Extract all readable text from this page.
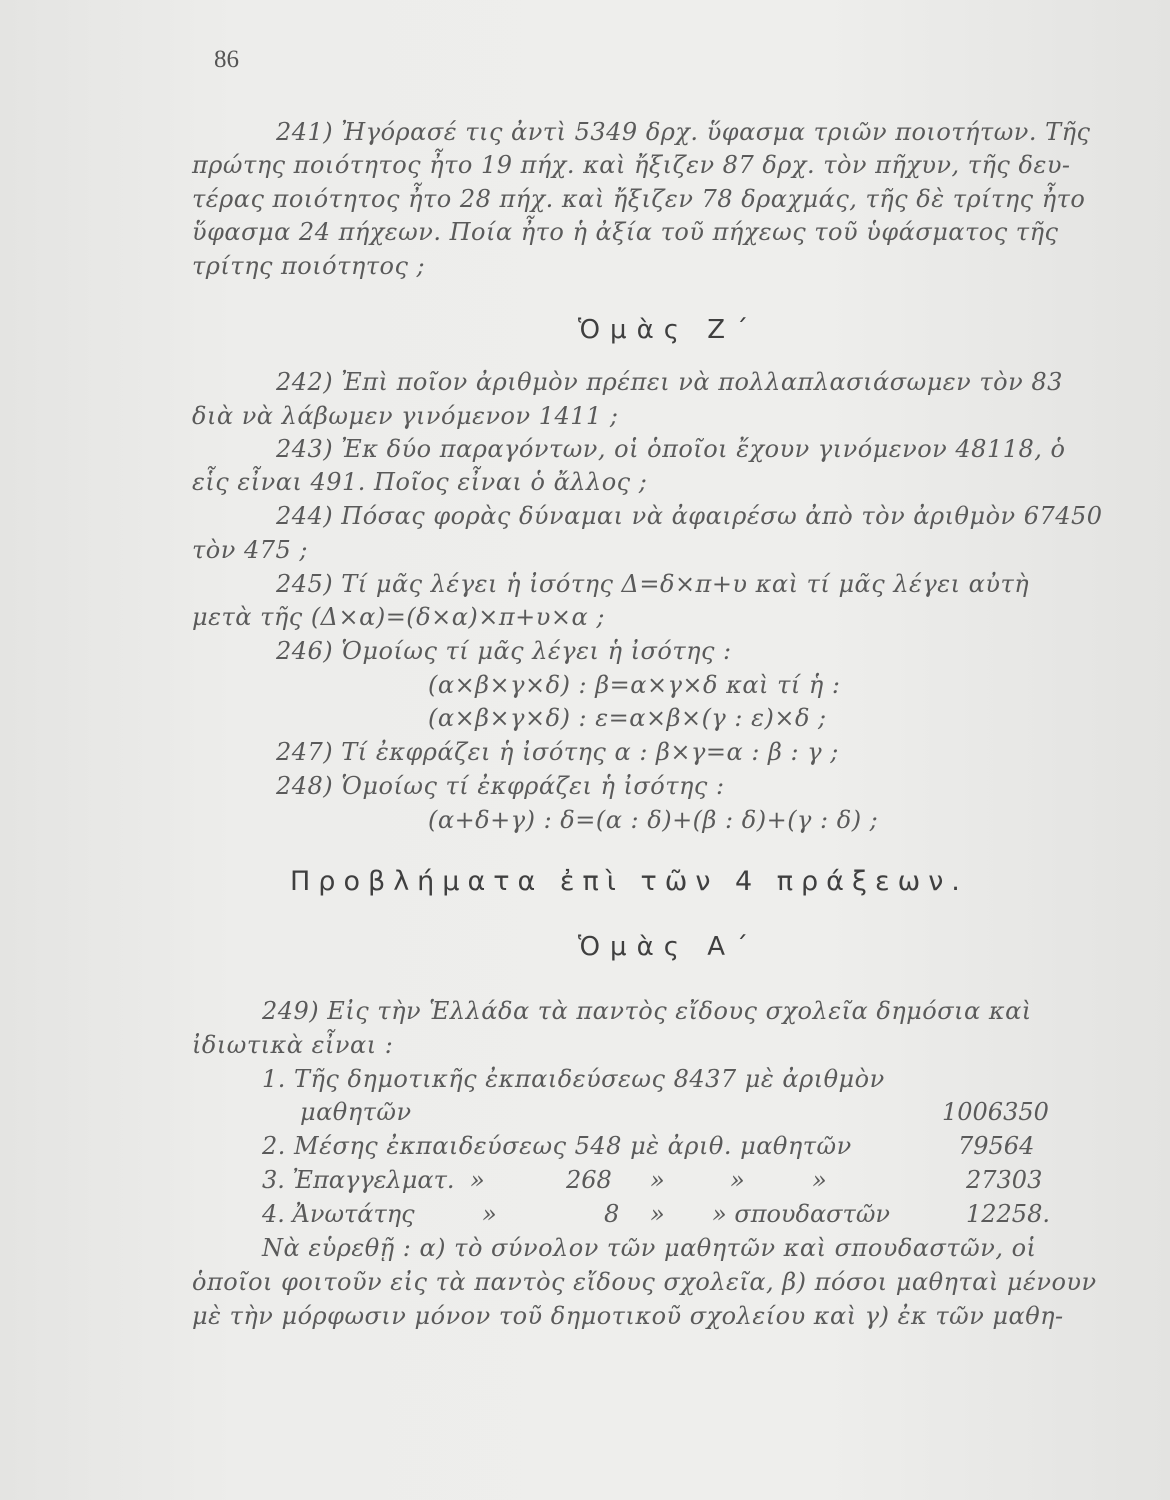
86
241) Ἠγόρασέ τις ἀντὶ 5349 δρχ. ὕφασμα τριῶν ποιοτήτων. Τῆς
πρώτης ποιότητος ἦτο 19 πήχ. καὶ ἤξιζεν 87 δρχ. τὸν πῆχυν, τῆς δευ-
τέρας ποιότητος ἦτο 28 πήχ. καὶ ἤξιζεν 78 δραχμάς, τῆς δὲ τρίτης ἦτο
ὕφασμα 24 πήχεων. Ποία ἦτο ἡ ἀξία τοῦ πήχεως τοῦ ὑφάσματος τῆς
τρίτης ποιότητος ;
Ὁμὰς Ζ΄
242) Ἐπὶ ποῖον ἀριθμὸν πρέπει νὰ πολλαπλασιάσωμεν τὸν 83
διὰ νὰ λάβωμεν γινόμενον 1411 ;
243) Ἐκ δύο παραγόντων, οἱ ὁποῖοι ἔχουν γινόμενον 48118, ὁ
εἷς εἶναι 491. Ποῖος εἶναι ὁ ἄλλος ;
244) Πόσας φορὰς δύναμαι νὰ ἀφαιρέσω ἀπὸ τὸν ἀριθμὸν 67450
τὸν 475 ;
245) Τί μᾶς λέγει ἡ ἰσότης Δ=δ×π+υ καὶ τί μᾶς λέγει αὐτὴ
μετὰ τῆς (Δ×α)=(δ×α)×π+υ×α ;
246) Ὁμοίως τί μᾶς λέγει ἡ ἰσότης :
(α×β×γ×δ) : β=α×γ×δ καὶ τί ἡ :
(α×β×γ×δ) : ε=α×β×(γ : ε)×δ ;
247) Τί ἐκφράζει ἡ ἰσότης α : β×γ=α : β : γ ;
248) Ὁμοίως τί ἐκφράζει ἡ ἰσότης :
(α+δ+γ) : δ=(α : δ)+(β : δ)+(γ : δ) ;
Προβλήματα ἐπὶ τῶν 4 πράξεων.
Ὁμὰς Α΄
249) Εἰς τὴν Ἑλλάδα τὰ παντὸς εἴδους σχολεῖα δημόσια καὶ
ἰδιωτικὰ εἶναι :
1. Τῆς δημοτικῆς ἐκπαιδεύσεως 8437 μὲ ἀριθμὸν
μαθητῶν	1006350
2. Μέσης ἐκπαιδεύσεως 548 μὲ ἀριθ. μαθητῶν	79564
3. Ἐπαγγελματ. »	268 »	»	»	27303
4. Ἀνωτάτης	»	8 » » σπουδαστῶν	12258.
Νὰ εὑρεθῇ : α) τὸ σύνολον τῶν μαθητῶν καὶ σπουδαστῶν, οἱ
ὁποῖοι φοιτοῦν εἰς τὰ παντὸς εἴδους σχολεῖα, β) πόσοι μαθηταὶ μένουν
μὲ τὴν μόρφωσιν μόνον τοῦ δημοτικοῦ σχολείου καὶ γ) ἐκ τῶν μαθη-
